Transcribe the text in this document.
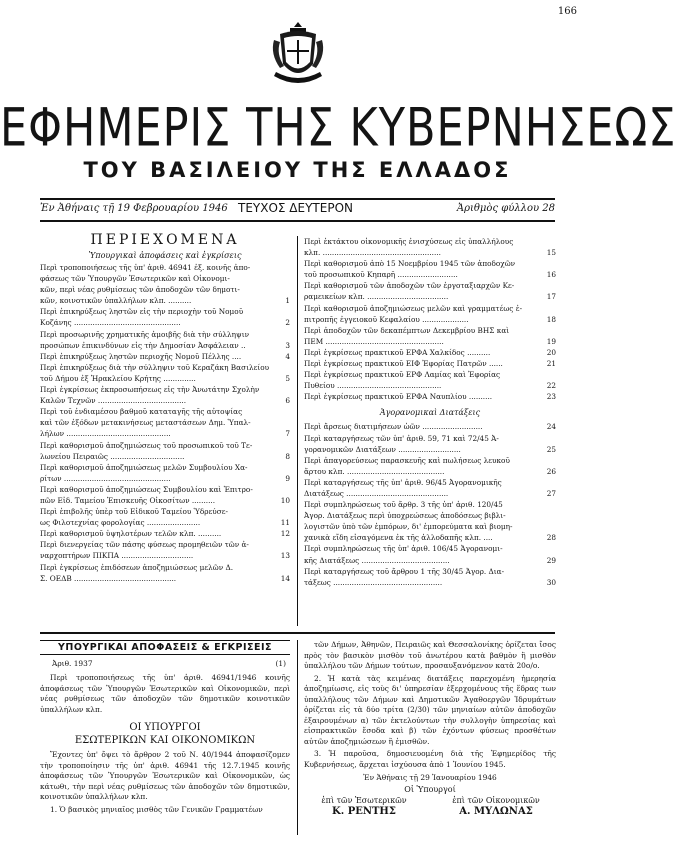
166
ΕΦΗΜΕΡΙΣ ΤΗΣ ΚΥΒΕΡΝΗΣΕΩΣ
ΤΟΥ ΒΑΣΙΛΕΙΟΥ ΤΗΣ ΕΛΛΑΔΟΣ
Ἐν Ἀθήναις τῇ 19 Φεβρουαρίου 1946 ΤΕΥΧΟΣ ΔΕΥΤΕΡΟΝ	Ἀριθμὸς φύλλου 28
ΠΕΡΙΕΧΟΜΕΝΑ
Ὑπουργικαὶ ἀποφάσεις καὶ ἐγκρίσεις
Περὶ τροποποιήσεως τῆς ὑπ' ἀριθ. 46941 ἐξ. κοινῆς ἀπο-
φάσεως τῶν Ὑπουργῶν Ἐσωτερικῶν καὶ Οἰκονομι-
κῶν, περὶ νέας ρυθμίσεως τῶν ἀποδοχῶν τῶν δημοτι-
κῶν, κοινοτικῶν ὑπαλλήλων κλπ. ..........	1
Περὶ ἐπικηρύξεως ληστῶν εἰς τὴν περιοχὴν τοῦ Νομοῦ
Κοζάνης ..............................................	2
Περὶ προσωρινῆς χρηματικῆς ἀμοιβῆς διὰ τὴν σύλληψιν
προσώπων ἐπικινδύνων εἰς τὴν Δημοσίαν Ἀσφάλειαν ..	3
Περὶ ἐπικηρύξεως ληστῶν περιοχῆς Νομοῦ Πέλλης ....	4
Περὶ ἐπικηρύξεως διὰ τὴν σύλληψιν τοῦ Κεραζάκη Βασιλείου
τοῦ Δήμου ἐξ Ἡρακλείου Κρήτης ..............	5
Περὶ ἐγκρίσεως ἐκπροσωπήσεως εἰς τὴν Ἀνωτάτην Σχολὴν
Καλῶν Τεχνῶν ......................................	6
Περὶ τοῦ ἐνδιαμέσου βαθμοῦ καταταγῆς τῆς αὐτοψίας
καὶ τῶν ἐξόδων μετακινήσεως μεταστάσεων Δημ. Ὑπαλ-
λήλων .............................................	7
Περὶ καθορισμοῦ ἀποζημιώσεως τοῦ προσωπικοῦ τοῦ Τε-
λωνείου Πειραιῶς ................................	8
Περὶ καθορισμοῦ ἀποζημιώσεως μελῶν Συμβουλίου Χα-
ρίτων ..............................................	9
Περὶ καθορισμοῦ ἀποζημιώσεως Συμβουλίου καὶ Ἐπιτρο-
πῶν Εἰδ. Ταμείου Ἐπισκευῆς Οἰκοσίτων ..........	10
Περὶ ἐπιβολῆς ὑπὲρ τοῦ Εἰδικοῦ Ταμείου Ὑδρεύσε-
ως Φιλοτεχνίας φορολογίας .......................	11
Περὶ καθορισμοῦ ὑψηλοτέρων τελῶν κλπ. ..........	12
Περὶ διενεργείας τῶν πάσης φύσεως προμηθειῶν τῶν ἀ-
ναρχοπτήρων ΠΙΚΠΑ ...............................	13
Περὶ ἐγκρίσεως ἐπιδόσεων ἀποζημιώσεως μελῶν Δ.
Σ. ΟΕΔΒ ............................................	14
Περὶ ἐκτάκτου οἰκονομικῆς ἐνισχύσεως εἰς ὑπαλλήλους
κλπ. ...................................................	15
Περὶ καθορισμοῦ ἀπὸ 15 Νοεμβρίου 1945 τῶν ἀποδοχῶν
τοῦ προσωπικοῦ Κηπαρῆ ..........................	16
Περὶ καθορισμοῦ τῶν ἀποδοχῶν τῶν ἐργοταξιαρχῶν Κε-
ραμεικείων κλπ. ...................................	17
Περὶ καθορισμοῦ ἀποζημιώσεως μελῶν καὶ γραμματέως ἐ-
πιτροπῆς ἐγγειοκοῦ Κεφαλαίου ....................	18
Περὶ ἀποδοχῶν τῶν δεκαπέμπτων Δεκεμβρίου ΒΗΣ καὶ
ΠΕΜ ...................................................	19
Περὶ ἐγκρίσεως πρακτικοῦ ΕΡΦΑ Χαλκίδος ..........	20
Περὶ ἐγκρίσεως πρακτικοῦ ΕΙΦ Ἐφορίας Πατρῶν ......	21
Περὶ ἐγκρίσεως πρακτικοῦ ΕΡΦ Λαμίας καὶ Ἐφορίας
Πυθείου .............................................	22
Περὶ ἐγκρίσεως πρακτικοῦ ΕΡΦΑ Ναυπλίου ..........	23
Ἀγορανομικαὶ Διατάξεις
Περὶ ἄρσεως διατιμήσεων ὠῶν ..........................	24
Περὶ καταργήσεως τῶν ὑπ' ἀριθ. 59, 71 καὶ 72/45 Ἀ-
γορανομικῶν Διατάξεων ...........................	25
Περὶ ἀπαγορεύσεως παρασκευῆς καὶ πωλήσεως λευκοῦ
ἄρτου κλπ. ..........................................	26
Περὶ καταργήσεως τῆς ὑπ' ἀριθ. 96/45 Ἀγορανομικῆς
Διατάξεως ............................................	27
Περὶ συμπληρώσεως τοῦ ἄρθρ. 3 τῆς ὑπ' ἀριθ. 120/45
Ἀγορ. Διατάξεως περὶ ὑποχρεώσεως ἀποδόσεως βιβλι-
λογιστῶν ὑπὸ τῶν ἐμπόρων, δι' ἐμπορεύματα καὶ βιομη-
χανικὰ εἴδη εἰσαγόμενα ἐκ τῆς ἀλλοδαπῆς κλπ. ....	28
Περὶ συμπληρώσεως τῆς ὑπ' ἀριθ. 106/45 Ἀγορανομι-
κῆς Διατάξεως ......................................	29
Περὶ καταργήσεως τοῦ ἄρθρου 1 τῆς 30/45 Ἀγορ. Δια-
τάξεως ...............................................	30
ΥΠΟΥΡΓΙΚΑΙ ΑΠΟΦΑΣΕΙΣ & ΕΓΚΡΙΣΕΙΣ
Ἀριθ. 1937	(1)
Περὶ τροποποιήσεως τῆς ὑπ' ἀριθ. 46941/1946 κοινῆς ἀποφάσεως τῶν Ὑπουργῶν Ἐσωτερικῶν καὶ Οἰκονομικῶν, περὶ νέας ρυθμίσεως τῶν ἀποδοχῶν τῶν δημοτικῶν κοινοτικῶν ὑπαλλήλων κλπ.
ΟΙ ΥΠΟΥΡΓΟΙ
ΕΣΩΤΕΡΙΚΩΝ ΚΑΙ ΟΙΚΟΝΟΜΙΚΩΝ

Ἔχοντες ὑπ' ὄψει τὸ ἄρθρον 2 τοῦ Ν. 40/1944 ἀποφασίζομεν τὴν τροποποίησιν τῆς ὑπ' ἀριθ. 46941 τῆς 12.7.1945 κοινῆς ἀποφάσεως τῶν Ὑπουργῶν Ἐσωτερικῶν καὶ Οἰκονομικῶν, ὡς κάτωθι, τὴν περὶ νέας ρυθμίσεως τῶν ἀποδοχῶν τῶν δημοτικῶν, κοινοτικῶν ὑπαλλήλων κλπ.

1. Ὁ βασικὸς μηνιαῖος μισθὸς τῶν Γενικῶν Γραμματέων

τῶν Δήμων, Ἀθηνῶν, Πειραιῶς καὶ Θεσσαλονίκης ὁρίζεται ἴσος πρὸς τὸν βασικὸν μισθὸν τοῦ ἀνωτέρου κατὰ βαθμὸν ἢ μισθὸν ὑπαλλήλου τῶν Δήμων τούτων, προσαυξανόμενον κατὰ 20ο/ο.

2. Ἡ κατὰ τὰς κειμένας διατάξεις παρεχομένη ἡμερησία ἀποζημίωσις, εἰς τοὺς δι' ὑπηρεσίαν ἐξερχομένους τῆς ἕδρας των ὑπαλλήλους τῶν Δήμων καὶ Δημοτικῶν Ἀγαθοεργῶν Ἱδρυμάτων ὁρίζεται εἰς τὰ δύο τρίτα (2/30) τῶν μηνιαίων αὐτῶν ἀποδοχῶν ἐξαιρουμένων α) τῶν ἐκτελούντων τὴν συλλογὴν ὑπηρεσίας καὶ εἰσπρακτικῶν ἔσοδα καὶ β) τῶν ἐχόντων φύσεως προσθέτων αὐτῶν ἀποζημιώσεων ἢ ἐμισθῶν.

3. Ἡ παροῦσα, δημοσιευομένη διὰ τῆς Ἐφημερίδος τῆς Κυβερνήσεως, ἄρχεται ἰσχύουσα ἀπὸ 1 Ἰουνίου 1945.

Ἐν Ἀθήναις τῇ 29 Ἰανουαρίου 1946
Οἱ Ὑπουργοί
ἐπὶ τῶν Ἐσωτερικῶν
Κ. ΡΕΝΤΗΣ
ἐπὶ τῶν Οἰκονομικῶν
Α. ΜΥΛΩΝΑΣ
